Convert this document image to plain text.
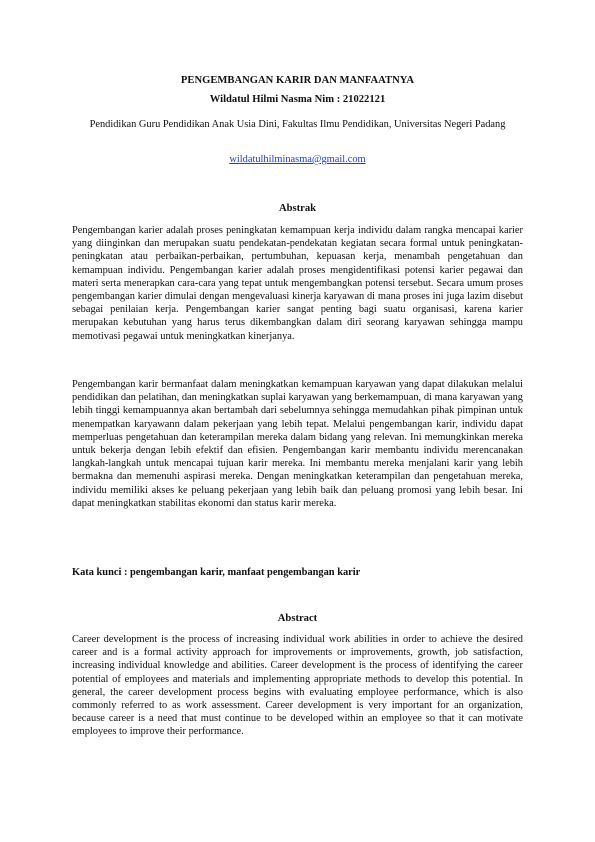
PENGEMBANGAN KARIR DAN MANFAATNYA
Wildatul Hilmi Nasma Nim : 21022121
Pendidikan Guru Pendidikan Anak Usia Dini, Fakultas Ilmu Pendidikan, Universitas Negeri Padang
wildatulhilminasma@gmail.com
Abstrak

Pengembangan karier adalah proses peningkatan kemampuan kerja individu dalam rangka mencapai karier yang diinginkan dan merupakan suatu pendekatan-pendekatan kegiatan secara formal untuk peningkatan-peningkatan atau perbaikan-perbaikan, pertumbuhan, kepuasan kerja, menambah pengetahuan dan kemampuan individu. Pengembangan karier adalah proses mengidentifikasi potensi karier pegawai dan materi serta menerapkan cara-cara yang tepat untuk mengembangkan potensi tersebut. Secara umum proses pengembangan karier dimulai dengan mengevaluasi kinerja karyawan di mana proses ini juga lazim disebut sebagai penilaian kerja. Pengembangan karier sangat penting bagi suatu organisasi, karena karier merupakan kebutuhan yang harus terus dikembangkan dalam diri seorang karyawan sehingga mampu memotivasi pegawai untuk meningkatkan kinerjanya.

Pengembangan karir bermanfaat dalam meningkatkan kemampuan karyawan yang dapat dilakukan melalui pendidikan dan pelatihan, dan meningkatkan suplai karyawan yang berkemampuan, di mana karyawan yang lebih tinggi kemampuannya akan bertambah dari sebelumnya sehingga memudahkan pihak pimpinan untuk menempatkan karyawann dalam pekerjaan yang lebih tepat. Melalui pengembangan karir, individu dapat memperluas pengetahuan dan keterampilan mereka dalam bidang yang relevan. Ini memungkinkan mereka untuk bekerja dengan lebih efektif dan efisien. Pengembangan karir membantu individu merencanakan langkah-langkah untuk mencapai tujuan karir mereka. Ini membantu mereka menjalani karir yang lebih bermakna dan memenuhi aspirasi mereka. Dengan meningkatkan keterampilan dan pengetahuan mereka, individu memiliki akses ke peluang pekerjaan yang lebih baik dan peluang promosi yang lebih besar. Ini dapat meningkatkan stabilitas ekonomi dan status karir mereka.

Kata kunci : pengembangan karir, manfaat pengembangan karir
Abstract

Career development is the process of increasing individual work abilities in order to achieve the desired career and is a formal activity approach for improvements or improvements, growth, job satisfaction, increasing individual knowledge and abilities. Career development is the process of identifying the career potential of employees and materials and implementing appropriate methods to develop this potential. In general, the career development process begins with evaluating employee performance, which is also commonly referred to as work assessment. Career development is very important for an organization, because career is a need that must continue to be developed within an employee so that it can motivate employees to improve their performance.
